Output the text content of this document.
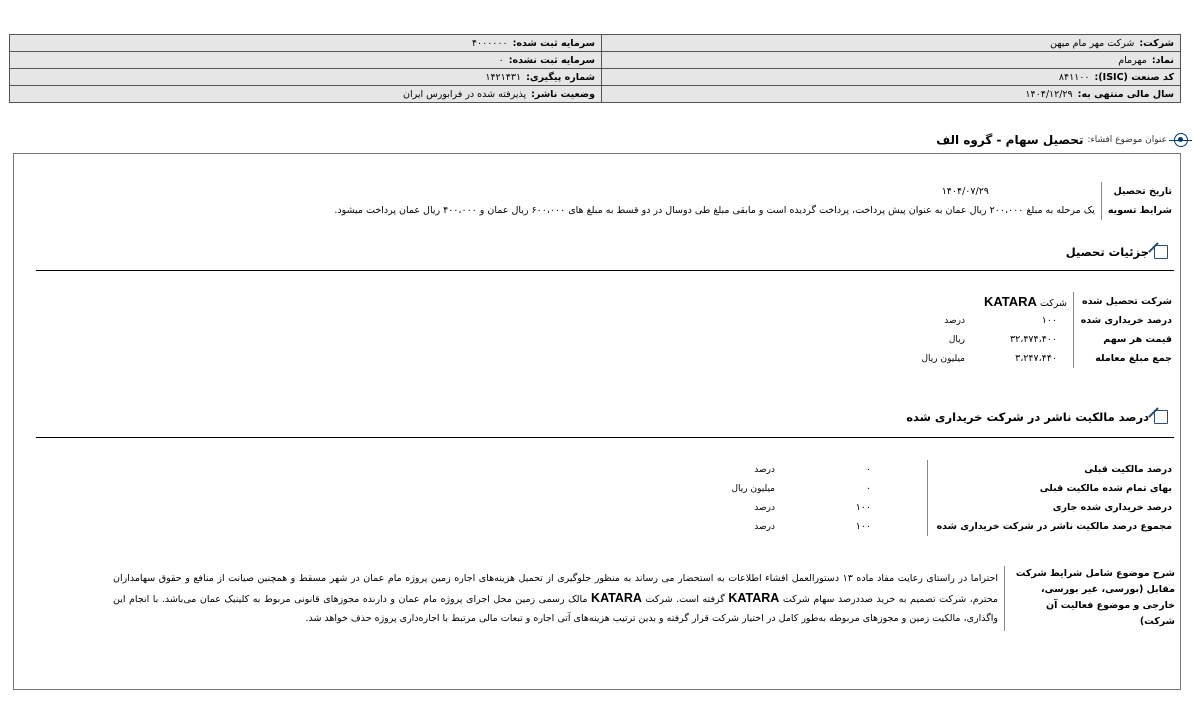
شرکت:شرکت مهر مام میهن	سرمایه ثبت شده:۴۰۰۰۰۰۰
نماد:مهرمام	سرمایه ثبت نشده:۰
کد صنعت (ISIC):۸۴۱۱۰۰	شماره پیگیری:۱۴۲۱۴۳۱
سال مالی منتهی به:۱۴۰۴/۱۲/۲۹	وضعیت ناشر:پذیرفته شده در فرابورس ایران
عنوان موضوع افشاء:
تحصیل سهام - گروه الف
تاریخ تحصیل	۱۴۰۴/۰۷/۲۹
شرایط تسویه	یک مرحله به مبلغ ۲۰۰،۰۰۰ ریال عمان به عنوان پیش پرداخت، پرداخت گردیده است و مابقی مبلغ طی دوسال در دو قسط به مبلغ های ۶۰۰،۰۰۰ ریال عمان و ۴۰۰،۰۰۰ ریال عمان پرداخت میشود.
جزئیات تحصیل
شرکت تحصیل شده	شرکت KATARA	
درصد خریداری شده	۱۰۰	درصد
قیمت هر سهم	۳۲،۴۷۴،۴۰۰	ریال
جمع مبلغ معامله	۳،۲۴۷،۴۴۰	میلیون ریال
درصد مالکیت ناشر در شرکت خریداری شده
درصد مالکیت قبلی	۰	درصد
بهای تمام شده مالکیت قبلی	۰	میلیون ریال
درصد خریداری شده جاری	۱۰۰	درصد
مجموع درصد مالکیت ناشر در شرکت خریداری شده	۱۰۰	درصد
شرح موضوع شامل شرایط شرکت مقابل (بورسی، غیر بورسی، خارجی و موضوع فعالیت آن شرکت)	احتراما در راستای رعایت مفاد ماده ۱۳ دستورالعمل افشاء اطلاعات به استحضار می رساند به منظور جلوگیری از تحمیل هزینه‌های اجاره زمین پروژه مام عمان در شهر مسقط و همچنین صیانت از منافع و حقوق سهامداران محترم، شرکت تصمیم به خرید صددرصد سهام شرکت KATARA گرفته است. شرکت KATARA مالک رسمی زمین محل اجرای پروژه مام عمان و دارنده مجوزهای قانونی مربوط به کلینیک عمان می‌باشد. با انجام این واگذاری، مالکیت زمین و مجوزهای مربوطه به‌طور کامل در اختیار شرکت قرار گرفته و بدین ترتیب هزینه‌های آتی اجاره و تبعات مالی مرتبط با اجاره‌داری پروژه حذف خواهد شد.
